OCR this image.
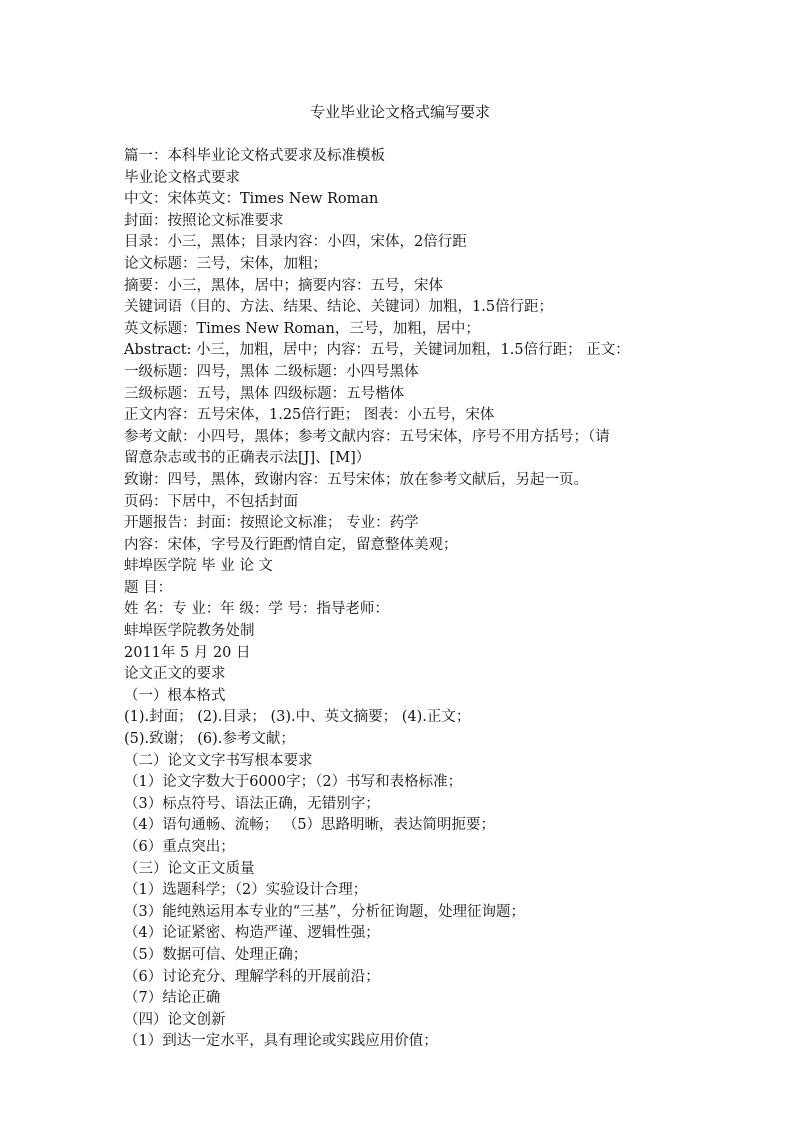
专业毕业论文格式编写要求
篇一：本科毕业论文格式要求及标准模板
毕业论文格式要求
中文：宋体英文：Times New Roman
封面：按照论文标准要求
目录：小三，黑体；目录内容：小四，宋体，2倍行距
论文标题：三号，宋体，加粗；
摘要：小三，黑体，居中；摘要内容：五号，宋体
关键词语（目的、方法、结果、结论、关键词）加粗，1.5倍行距；
英文标题：Times New Roman，三号，加粗，居中；
Abstract: 小三，加粗，居中；内容：五号，关键词加粗，1.5倍行距； 正文：
一级标题：四号，黑体 二级标题：小四号黑体
三级标题：五号，黑体 四级标题：五号楷体
正文内容：五号宋体，1.25倍行距； 图表：小五号，宋体
参考文献：小四号，黑体；参考文献内容：五号宋体，序号不用方括号；（请
留意杂志或书的正确表示法[J]、[M]）
致谢：四号，黑体，致谢内容：五号宋体；放在参考文献后，另起一页。
页码：下居中，不包括封面
开题报告：封面：按照论文标准； 专业：药学
内容：宋体，字号及行距酌情自定，留意整体美观；
蚌埠医学院 毕 业 论 文
题 目：
姓 名：专 业：年 级：学 号：指导老师：
蚌埠医学院教务处制
2011年 5 月 20 日
论文正文的要求
（一）根本格式
(1).封面； (2).目录； (3).中、英文摘要； (4).正文；
(5).致谢； (6).参考文献；
（二）论文文字书写根本要求
（1）论文字数大于6000字；（2）书写和表格标准；
（3）标点符号、语法正确，无错别字；
（4）语句通畅、流畅； （5）思路明晰，表达简明扼要；
（6）重点突出；
（三）论文正文质量
（1）选题科学；（2）实验设计合理；
（3）能纯熟运用本专业的“三基”，分析征询题，处理征询题；
（4）论证紧密、构造严谨、逻辑性强；
（5）数据可信、处理正确；
（6）讨论充分、理解学科的开展前沿；
（7）结论正确
（四）论文创新
（1）到达一定水平，具有理论或实践应用价值；
